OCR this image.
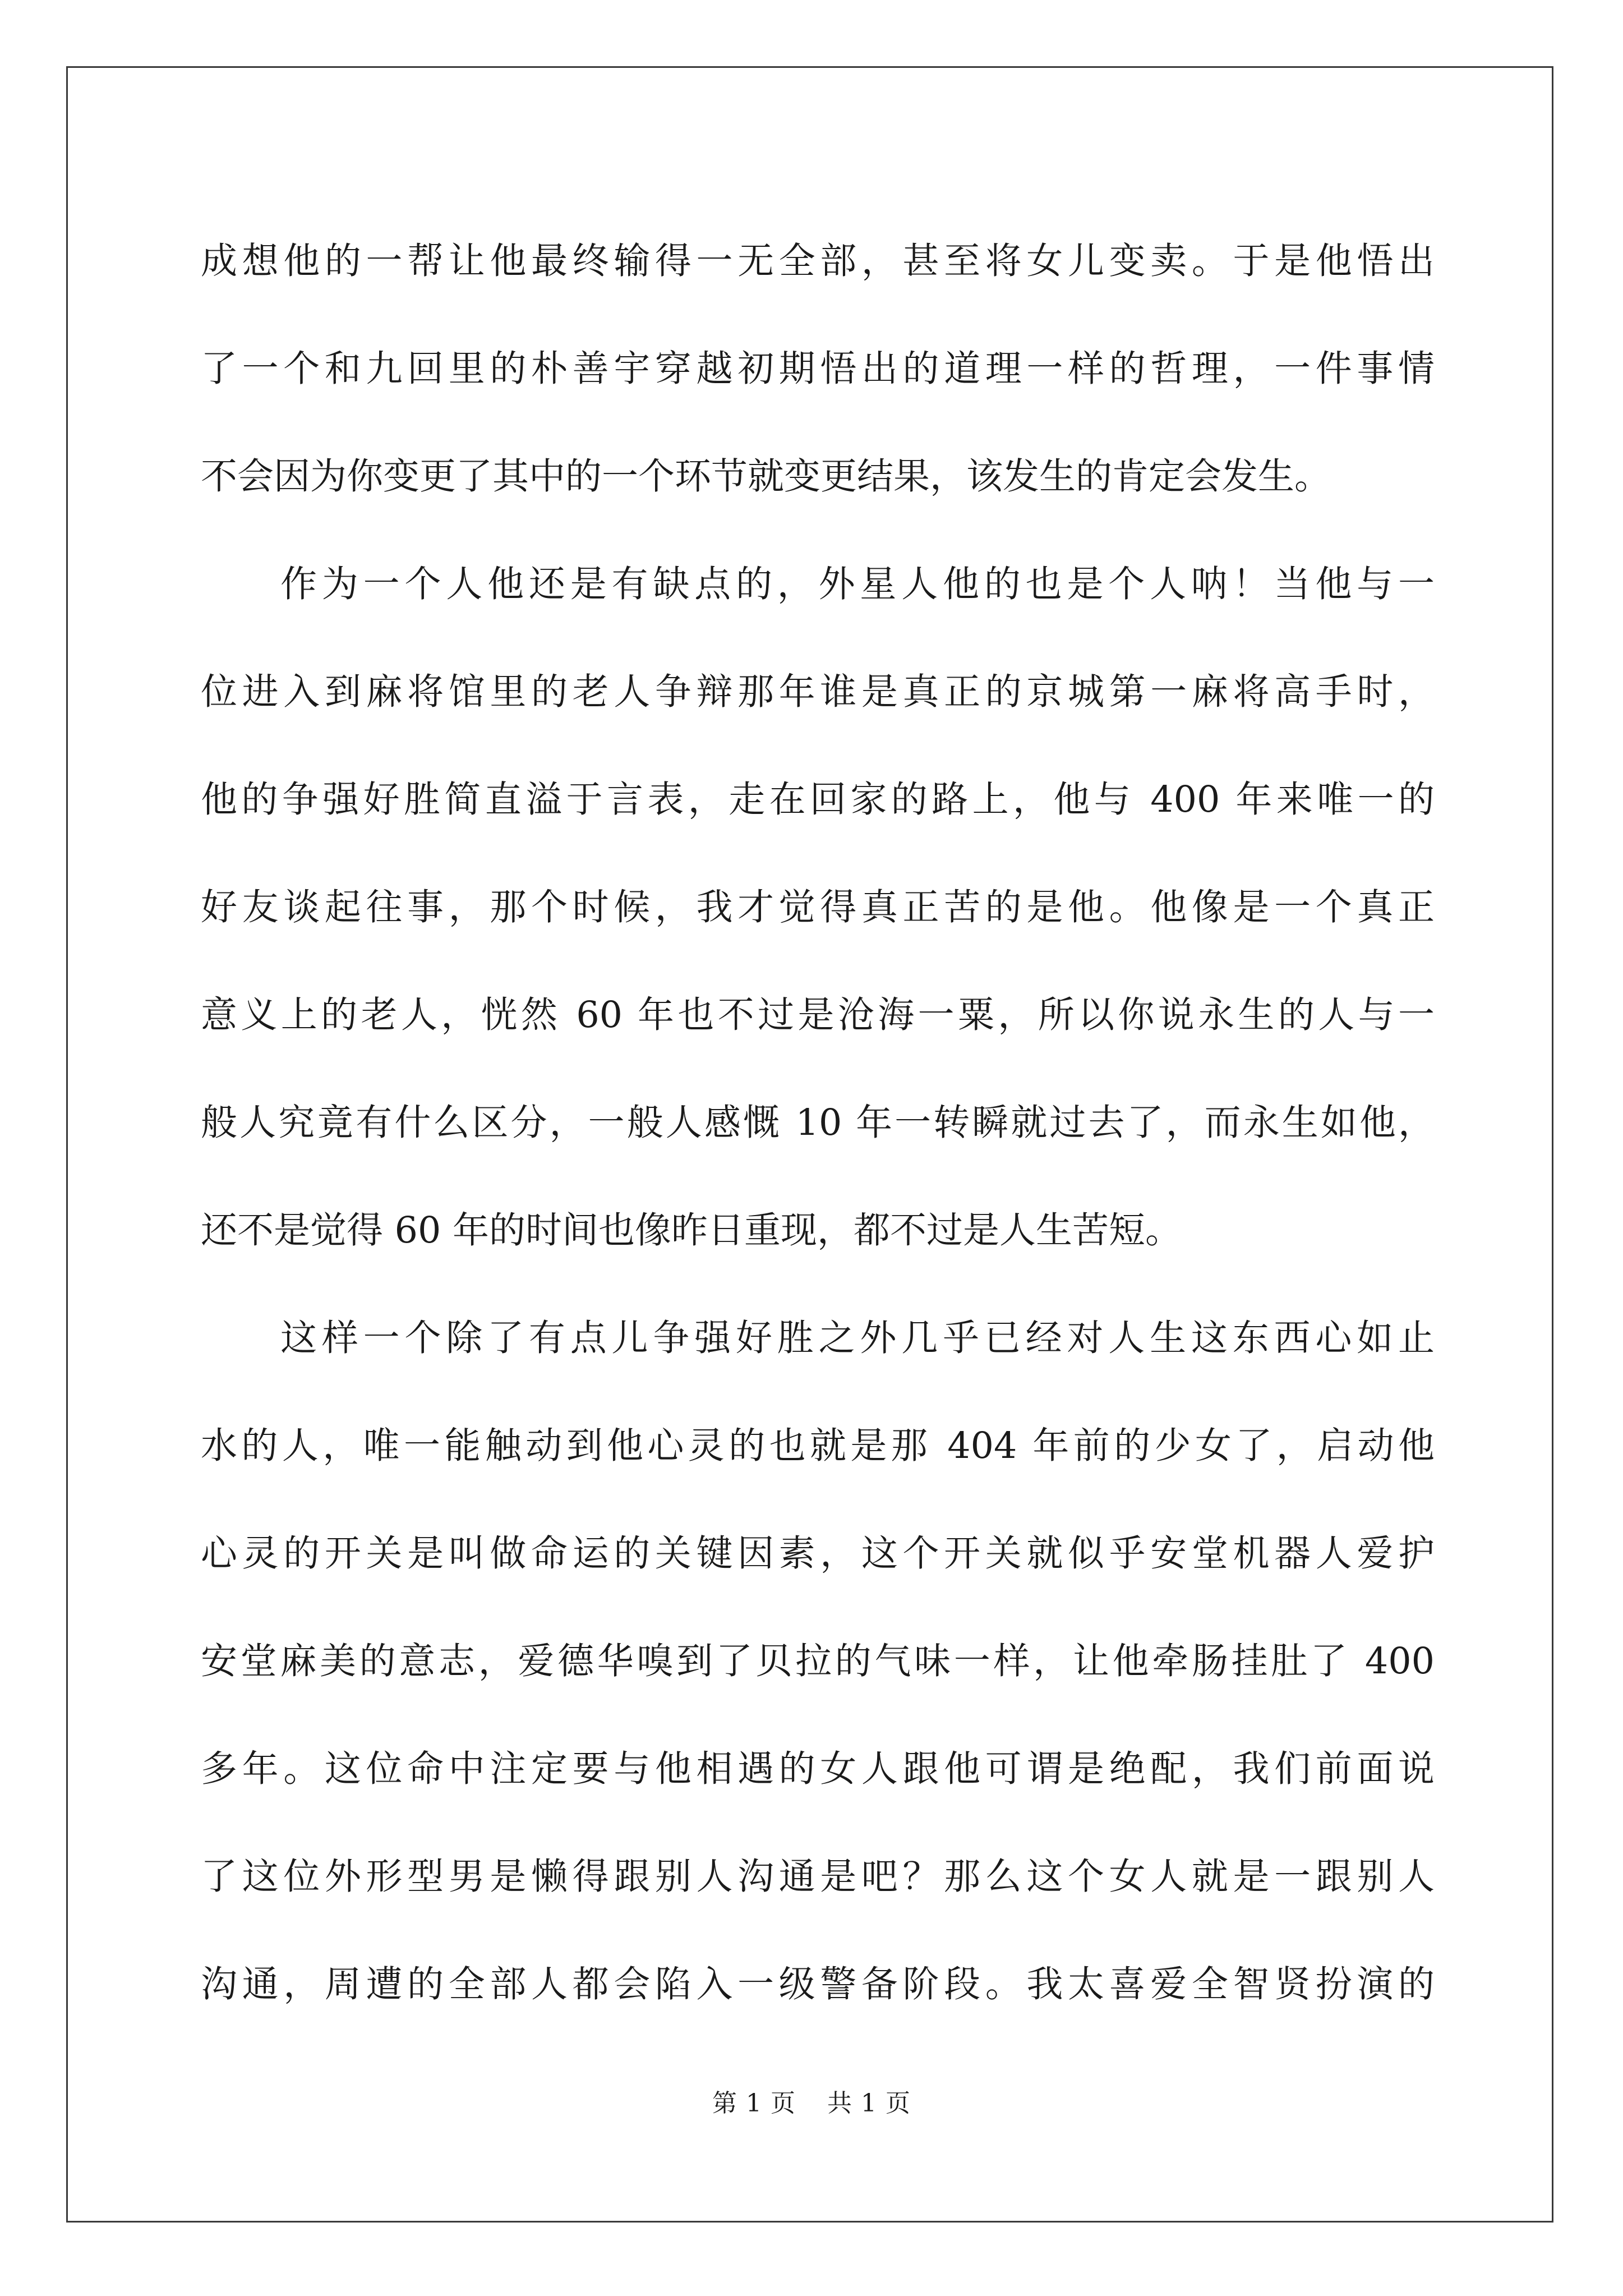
成想他的一帮让他最终输得一无全部，甚至将女儿变卖。于是他悟出
了一个和九回里的朴善宇穿越初期悟出的道理一样的哲理，一件事情
不会因为你变更了其中的一个环节就变更结果，该发生的肯定会发生。
作为一个人他还是有缺点的，外星人他的也是个人呐！当他与一
位进入到麻将馆里的老人争辩那年谁是真正的京城第一麻将高手时，
他的争强好胜简直溢于言表，走在回家的路上，他与 400 年来唯一的
好友谈起往事，那个时候，我才觉得真正苦的是他。他像是一个真正
意义上的老人，恍然 60 年也不过是沧海一粟，所以你说永生的人与一
般人究竟有什么区分，一般人感慨 10 年一转瞬就过去了，而永生如他，
还不是觉得 60 年的时间也像昨日重现，都不过是人生苦短。
这样一个除了有点儿争强好胜之外几乎已经对人生这东西心如止
水的人，唯一能触动到他心灵的也就是那 404 年前的少女了，启动他
心灵的开关是叫做命运的关键因素，这个开关就似乎安堂机器人爱护
安堂麻美的意志，爱德华嗅到了贝拉的气味一样，让他牵肠挂肚了 400
多年。这位命中注定要与他相遇的女人跟他可谓是绝配，我们前面说
了这位外形型男是懒得跟别人沟通是吧？那么这个女人就是一跟别人
沟通，周遭的全部人都会陷入一级警备阶段。我太喜爱全智贤扮演的
第 1 页 共 1 页
